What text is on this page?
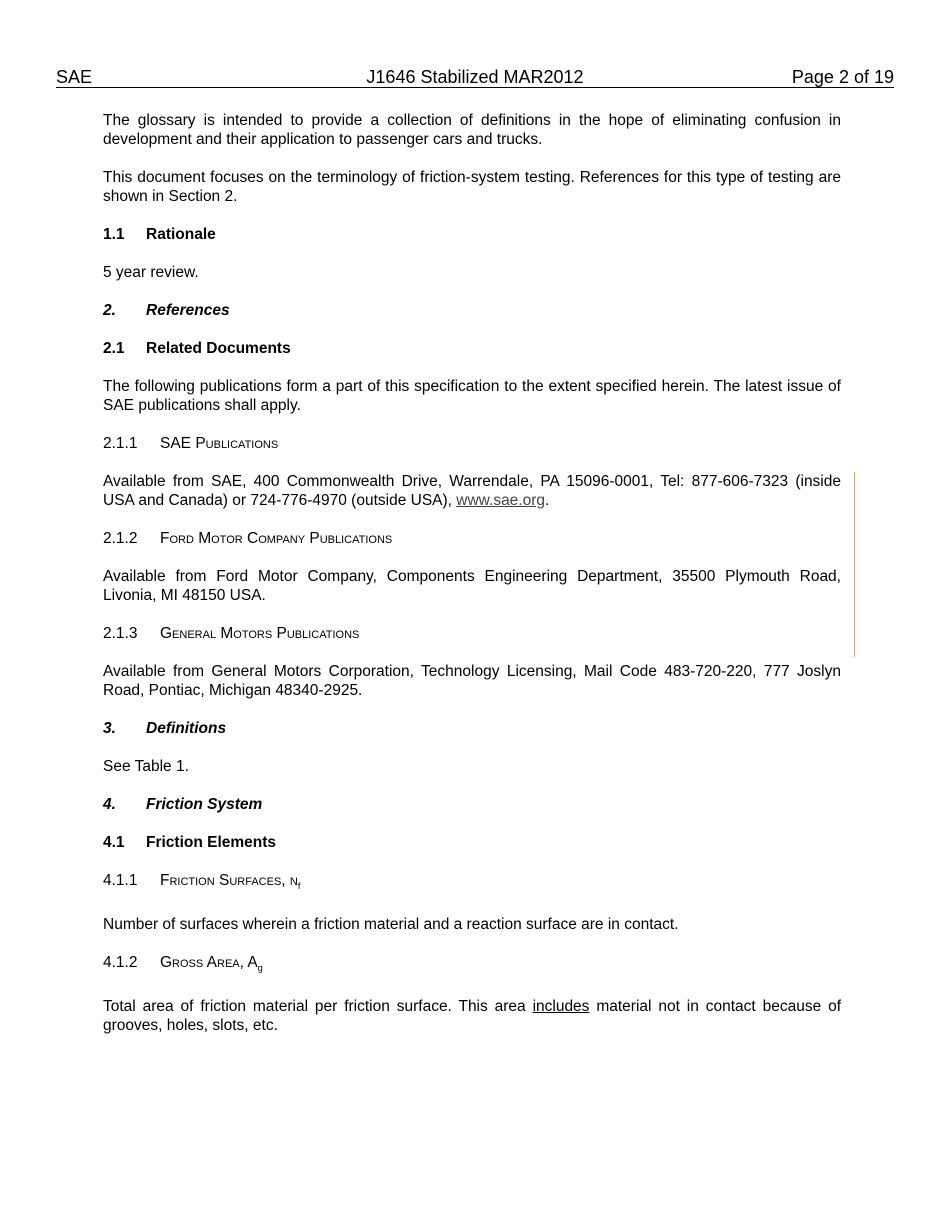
SAE	J1646 Stabilized MAR2012	Page 2 of 19

The glossary is intended to provide a collection of definitions in the hope of eliminating confusion in development and their application to passenger cars and trucks.

This document focuses on the terminology of friction-system testing. References for this type of testing are shown in Section 2.

1.1 Rationale

5 year review.

2. References

2.1 Related Documents

The following publications form a part of this specification to the extent specified herein. The latest issue of SAE publications shall apply.

2.1.1 SAE Publications

Available from SAE, 400 Commonwealth Drive, Warrendale, PA 15096-0001, Tel: 877-606-7323 (inside USA and Canada) or 724-776-4970 (outside USA), www.sae.org.

2.1.2 Ford Motor Company Publications

Available from Ford Motor Company, Components Engineering Department, 35500 Plymouth Road, Livonia, MI 48150 USA.

2.1.3 General Motors Publications

Available from General Motors Corporation, Technology Licensing, Mail Code 483-720-220, 777 Joslyn Road, Pontiac, Michigan 48340-2925.

3. Definitions

See Table 1.

4. Friction System

4.1 Friction Elements

4.1.1 Friction Surfaces, $n_f$

Number of surfaces wherein a friction material and a reaction surface are in contact.

4.1.2 Gross Area, $A_g$

Total area of friction material per friction surface. This area includes material not in contact because of grooves, holes, slots, etc.
